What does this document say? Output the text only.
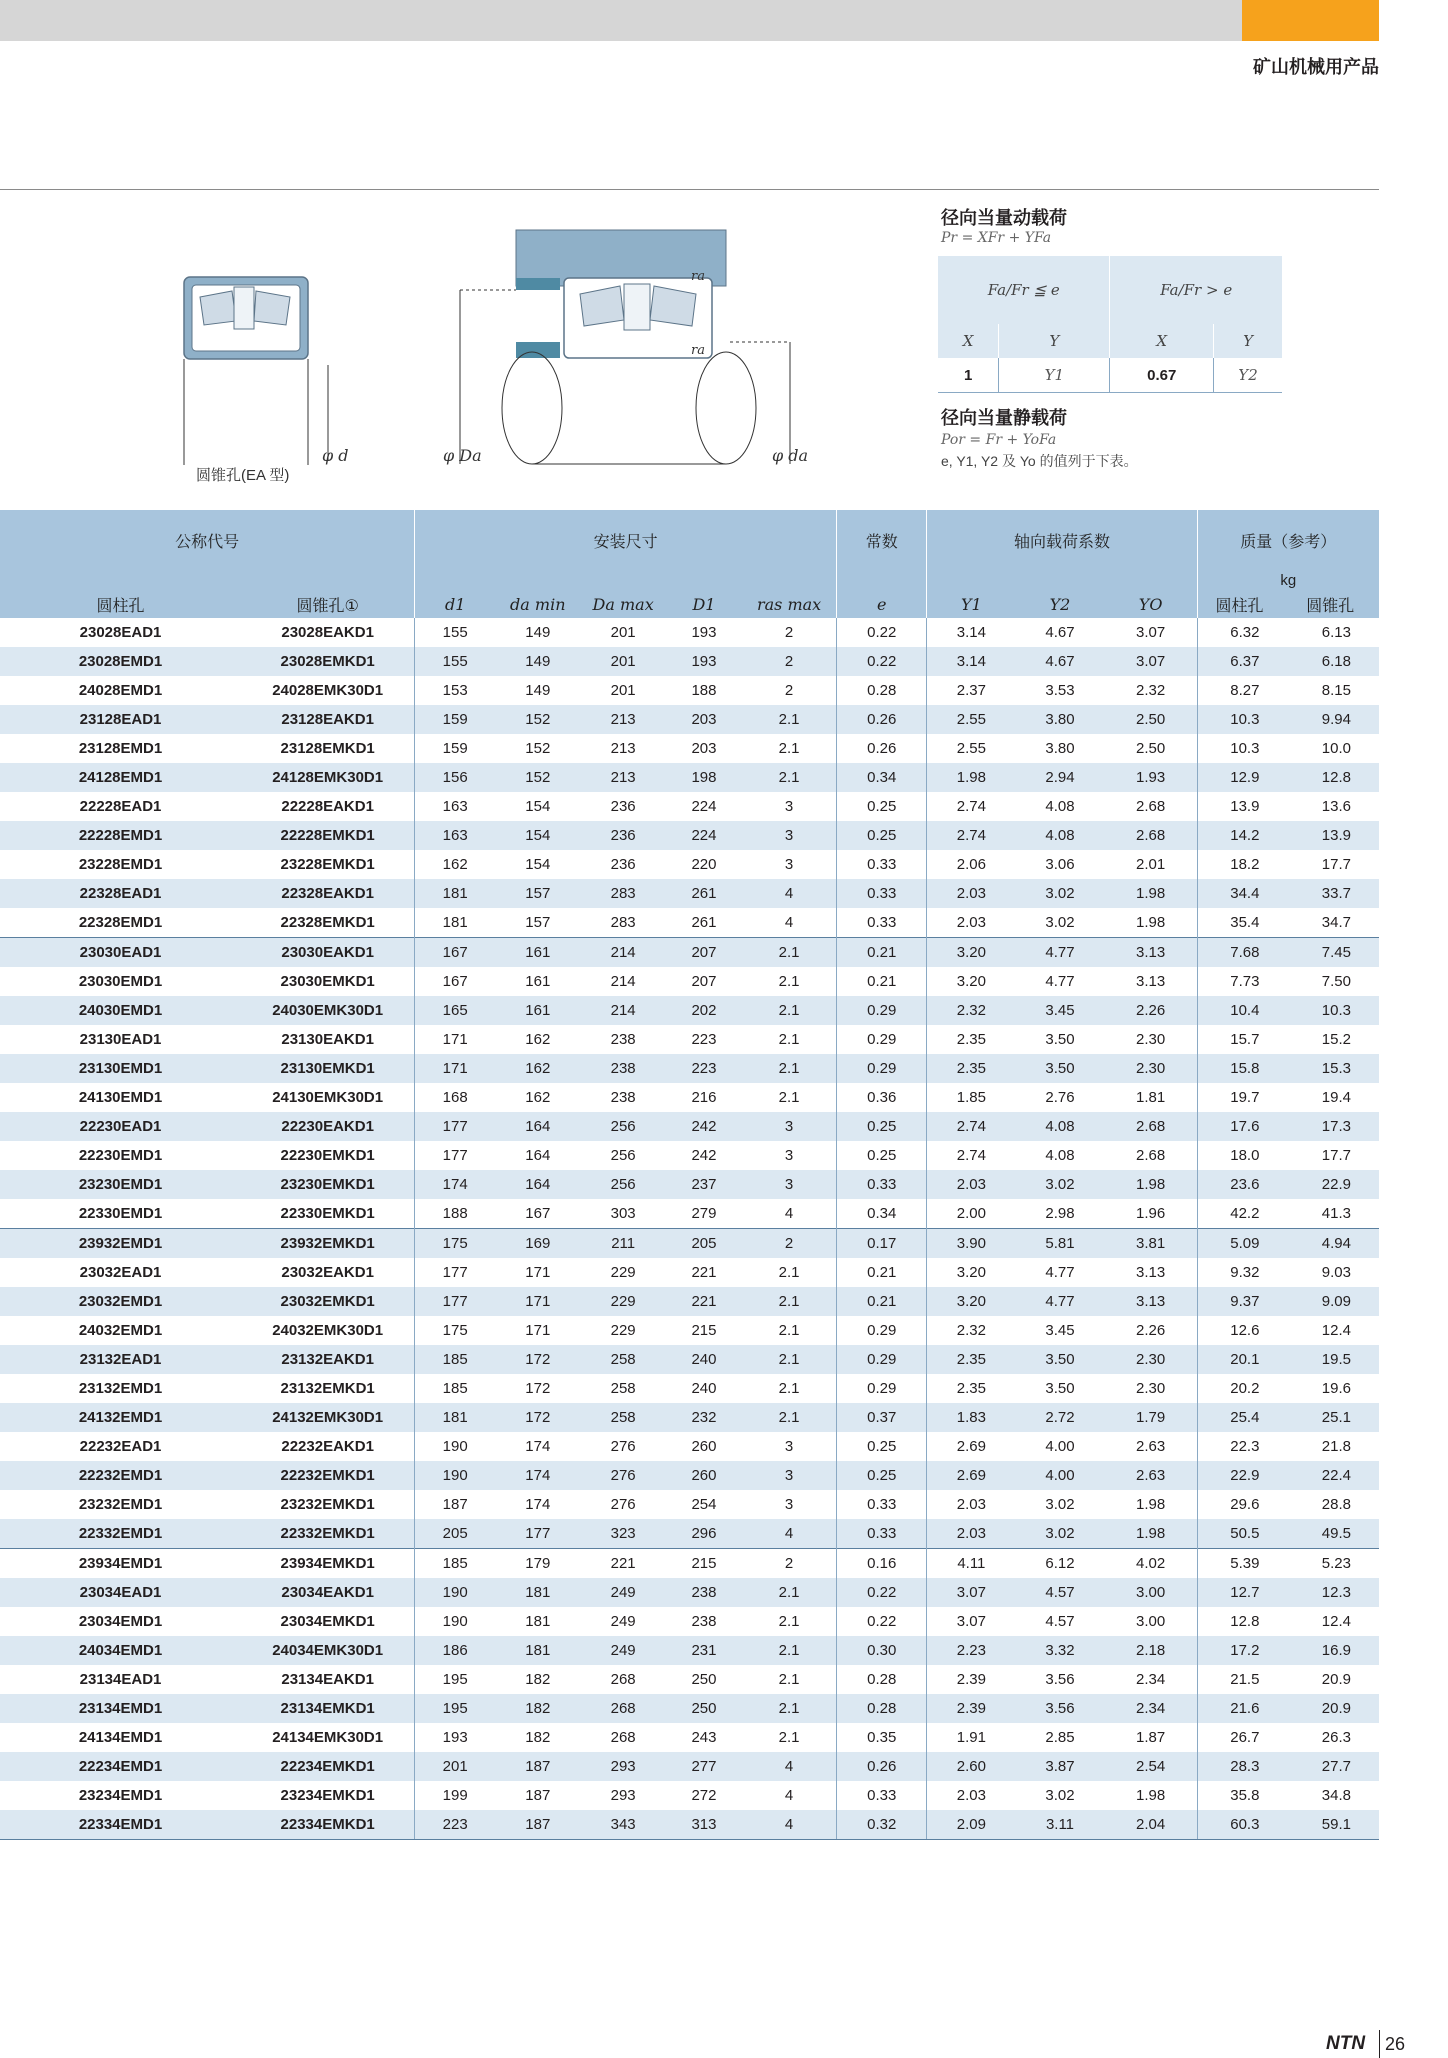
矿山机械用产品
φ d
圆锥孔(EA 型)
ra
ra
φ Da	φ da
径向当量动载荷
Pr = XFr + YFa
Fa/Fr ≦ e		Fa/Fr > e	
X	Y	X	Y
1	Y1	0.67	Y2
径向当量静载荷
Por = Fr + YoFa
e, Y1, Y2 及 Yo 的值列于下表。
公称代号		安装尺寸					常数	轴向载荷系数			质量（参考）	
											kg	
圆柱孔	圆锥孔①	d1	da min	Da max	D1	ras max	e	Y1	Y2	YO	圆柱孔	圆锥孔
23028EAD1	23028EAKD1	155	149	201	193	2	0.22	3.14	4.67	3.07	6.32	6.13
23028EMD1	23028EMKD1	155	149	201	193	2	0.22	3.14	4.67	3.07	6.37	6.18
24028EMD1	24028EMK30D1	153	149	201	188	2	0.28	2.37	3.53	2.32	8.27	8.15
23128EAD1	23128EAKD1	159	152	213	203	2.1	0.26	2.55	3.80	2.50	10.3	9.94
23128EMD1	23128EMKD1	159	152	213	203	2.1	0.26	2.55	3.80	2.50	10.3	10.0
24128EMD1	24128EMK30D1	156	152	213	198	2.1	0.34	1.98	2.94	1.93	12.9	12.8
22228EAD1	22228EAKD1	163	154	236	224	3	0.25	2.74	4.08	2.68	13.9	13.6
22228EMD1	22228EMKD1	163	154	236	224	3	0.25	2.74	4.08	2.68	14.2	13.9
23228EMD1	23228EMKD1	162	154	236	220	3	0.33	2.06	3.06	2.01	18.2	17.7
22328EAD1	22328EAKD1	181	157	283	261	4	0.33	2.03	3.02	1.98	34.4	33.7
22328EMD1	22328EMKD1	181	157	283	261	4	0.33	2.03	3.02	1.98	35.4	34.7
23030EAD1	23030EAKD1	167	161	214	207	2.1	0.21	3.20	4.77	3.13	7.68	7.45
23030EMD1	23030EMKD1	167	161	214	207	2.1	0.21	3.20	4.77	3.13	7.73	7.50
24030EMD1	24030EMK30D1	165	161	214	202	2.1	0.29	2.32	3.45	2.26	10.4	10.3
23130EAD1	23130EAKD1	171	162	238	223	2.1	0.29	2.35	3.50	2.30	15.7	15.2
23130EMD1	23130EMKD1	171	162	238	223	2.1	0.29	2.35	3.50	2.30	15.8	15.3
24130EMD1	24130EMK30D1	168	162	238	216	2.1	0.36	1.85	2.76	1.81	19.7	19.4
22230EAD1	22230EAKD1	177	164	256	242	3	0.25	2.74	4.08	2.68	17.6	17.3
22230EMD1	22230EMKD1	177	164	256	242	3	0.25	2.74	4.08	2.68	18.0	17.7
23230EMD1	23230EMKD1	174	164	256	237	3	0.33	2.03	3.02	1.98	23.6	22.9
22330EMD1	22330EMKD1	188	167	303	279	4	0.34	2.00	2.98	1.96	42.2	41.3
23932EMD1	23932EMKD1	175	169	211	205	2	0.17	3.90	5.81	3.81	5.09	4.94
23032EAD1	23032EAKD1	177	171	229	221	2.1	0.21	3.20	4.77	3.13	9.32	9.03
23032EMD1	23032EMKD1	177	171	229	221	2.1	0.21	3.20	4.77	3.13	9.37	9.09
24032EMD1	24032EMK30D1	175	171	229	215	2.1	0.29	2.32	3.45	2.26	12.6	12.4
23132EAD1	23132EAKD1	185	172	258	240	2.1	0.29	2.35	3.50	2.30	20.1	19.5
23132EMD1	23132EMKD1	185	172	258	240	2.1	0.29	2.35	3.50	2.30	20.2	19.6
24132EMD1	24132EMK30D1	181	172	258	232	2.1	0.37	1.83	2.72	1.79	25.4	25.1
22232EAD1	22232EAKD1	190	174	276	260	3	0.25	2.69	4.00	2.63	22.3	21.8
22232EMD1	22232EMKD1	190	174	276	260	3	0.25	2.69	4.00	2.63	22.9	22.4
23232EMD1	23232EMKD1	187	174	276	254	3	0.33	2.03	3.02	1.98	29.6	28.8
22332EMD1	22332EMKD1	205	177	323	296	4	0.33	2.03	3.02	1.98	50.5	49.5
23934EMD1	23934EMKD1	185	179	221	215	2	0.16	4.11	6.12	4.02	5.39	5.23
23034EAD1	23034EAKD1	190	181	249	238	2.1	0.22	3.07	4.57	3.00	12.7	12.3
23034EMD1	23034EMKD1	190	181	249	238	2.1	0.22	3.07	4.57	3.00	12.8	12.4
24034EMD1	24034EMK30D1	186	181	249	231	2.1	0.30	2.23	3.32	2.18	17.2	16.9
23134EAD1	23134EAKD1	195	182	268	250	2.1	0.28	2.39	3.56	2.34	21.5	20.9
23134EMD1	23134EMKD1	195	182	268	250	2.1	0.28	2.39	3.56	2.34	21.6	20.9
24134EMD1	24134EMK30D1	193	182	268	243	2.1	0.35	1.91	2.85	1.87	26.7	26.3
22234EMD1	22234EMKD1	201	187	293	277	4	0.26	2.60	3.87	2.54	28.3	27.7
23234EMD1	23234EMKD1	199	187	293	272	4	0.33	2.03	3.02	1.98	35.8	34.8
22334EMD1	22334EMKD1	223	187	343	313	4	0.32	2.09	3.11	2.04	60.3	59.1
NTN 26
